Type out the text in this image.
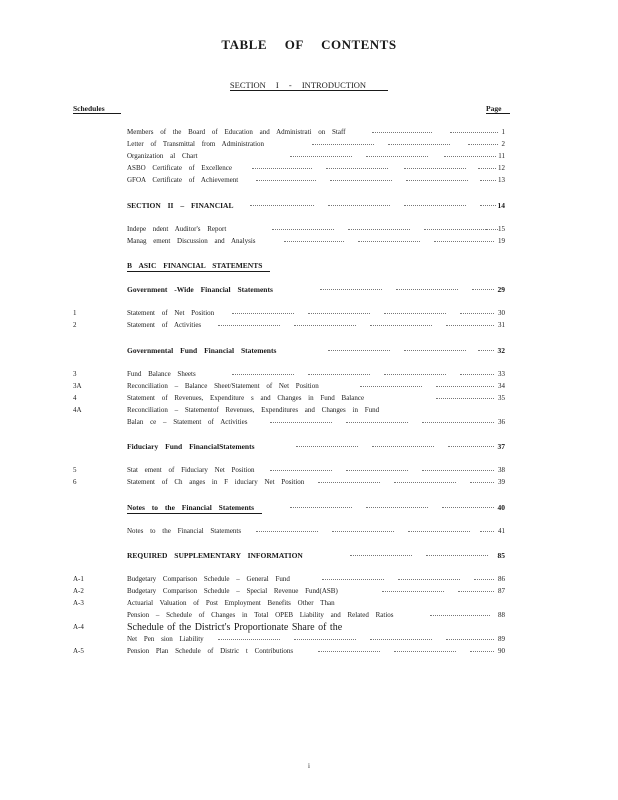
TABLE OF CONTENTS
SECTION I - INTRODUCTION
Schedules	Page
Members of the Board of Education and Administrati on Staff	1
Letter of Transmittal from Administration	2
Organization al Chart	11
ASBO Certificate of Excellence	12
GFOA Certificate of Achievement	13
SECTION II – FINANCIAL	14
Indepe ndent Auditor's Report	15
Manag ement Discussion and Analysis	19
B ASIC FINANCIAL STATEMENTS
Government -Wide Financial Statements	29
1	Statement of Net Position	30
2	Statement of Activities	31
Governmental Fund Financial Statements	32
3	Fund Balance Sheets	33
3A	Reconciliation – Balance Sheet/Statement of Net Position	34
4	Statement of Revenues, Expenditure s and Changes in Fund Balance	35
4A	Reconciliation – Statementof Revenues, Expenditures and Changes in Fund
Balan ce – Statement of Activities	36
Fiduciary Fund FinancialStatements	37
5	Stat ement of Fiduciary Net Position	38
6	Statement of Ch anges in F iduciary Net Position	39
Notes to the Financial Statements	40
Notes to the Financial Statements	41
REQUIRED SUPPLEMENTARY INFORMATION	85
A-1	Budgetary Comparison Schedule – General Fund	86
A-2	Budgetary Comparison Schedule – Special Revenue Fund(ASB)	87
A-3	Actuarial Valuation of Post Employment Benefits Other Than
Pension – Schedule of Changes in Total OPEB Liability and Related Ratios	88
A-4	Schedule of the District's Proportionate Share of the
Net Pen sion Liability	89
A-5	Pension Plan Schedule of Distric t Contributions	90
i
